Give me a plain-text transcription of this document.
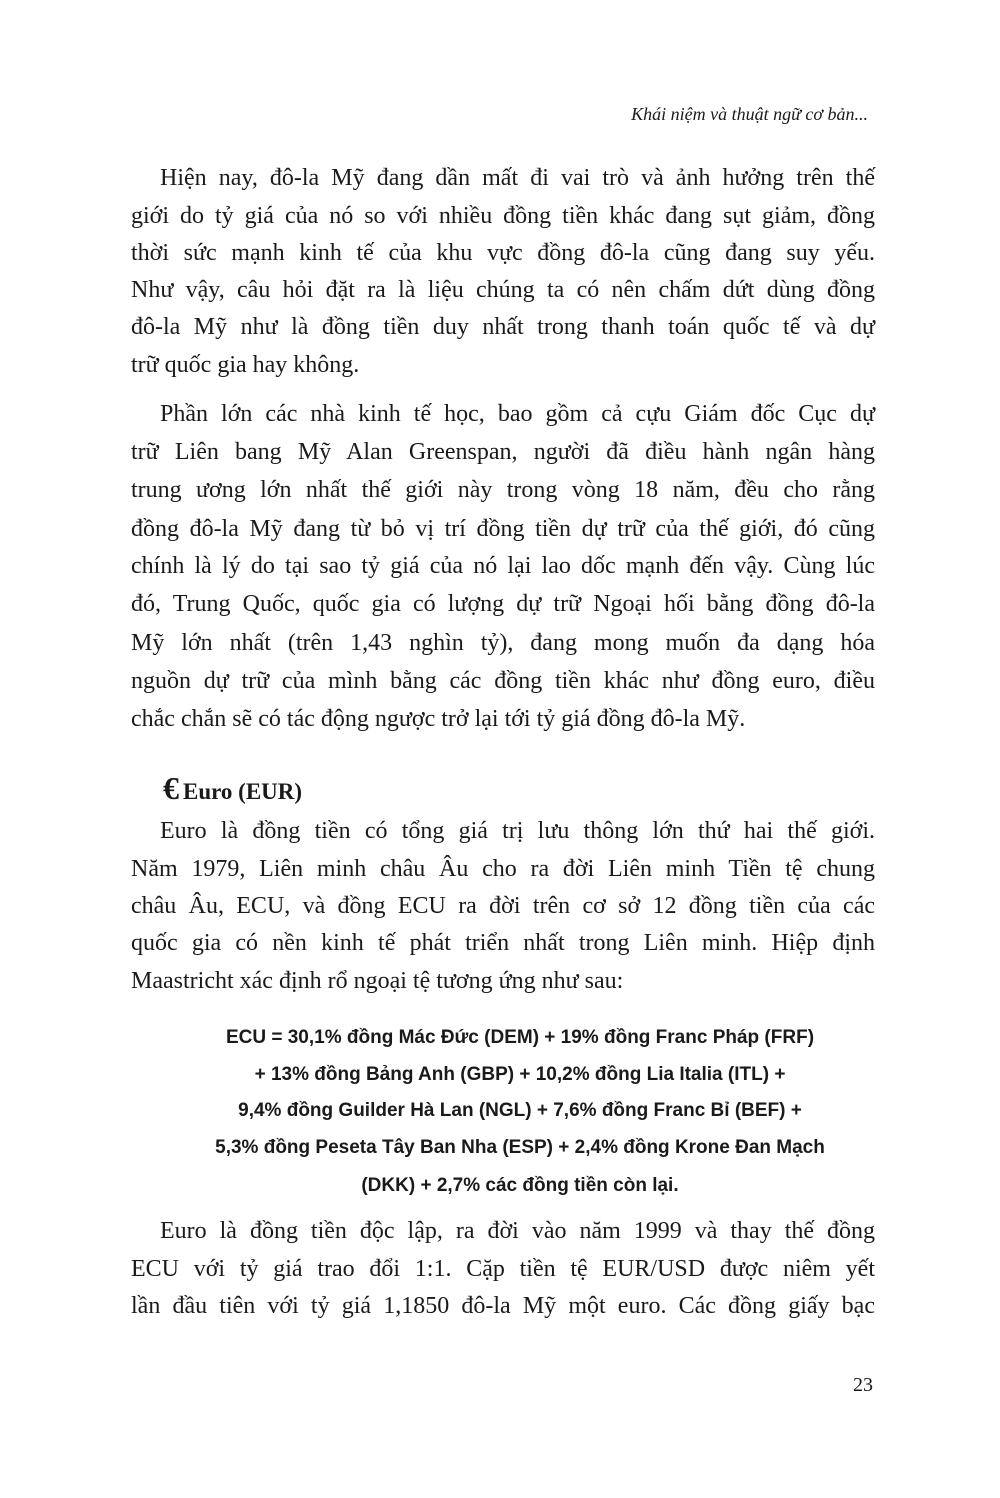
Khái niệm và thuật ngữ cơ bản...
Hiện nay, đô-la Mỹ đang dần mất đi vai trò và ảnh hưởng trên thế
giới do tỷ giá của nó so với nhiều đồng tiền khác đang sụt giảm, đồng
thời sức mạnh kinh tế của khu vực đồng đô-la cũng đang suy yếu.
Như vậy, câu hỏi đặt ra là liệu chúng ta có nên chấm dứt dùng đồng
đô-la Mỹ như là đồng tiền duy nhất trong thanh toán quốc tế và dự
trữ quốc gia hay không.
Phần lớn các nhà kinh tế học, bao gồm cả cựu Giám đốc Cục dự
trữ Liên bang Mỹ Alan Greenspan, người đã điều hành ngân hàng
trung ương lớn nhất thế giới này trong vòng 18 năm, đều cho rằng
đồng đô-la Mỹ đang từ bỏ vị trí đồng tiền dự trữ của thế giới, đó cũng
chính là lý do tại sao tỷ giá của nó lại lao dốc mạnh đến vậy. Cùng lúc
đó, Trung Quốc, quốc gia có lượng dự trữ Ngoại hối bằng đồng đô-la
Mỹ lớn nhất (trên 1,43 nghìn tỷ), đang mong muốn đa dạng hóa
nguồn dự trữ của mình bằng các đồng tiền khác như đồng euro, điều
chắc chắn sẽ có tác động ngược trở lại tới tỷ giá đồng đô-la Mỹ.
Euro là đồng tiền có tổng giá trị lưu thông lớn thứ hai thế giới.
Năm 1979, Liên minh châu Âu cho ra đời Liên minh Tiền tệ chung
châu Âu, ECU, và đồng ECU ra đời trên cơ sở 12 đồng tiền của các
quốc gia có nền kinh tế phát triển nhất trong Liên minh. Hiệp định
Maastricht xác định rổ ngoại tệ tương ứng như sau:
Euro là đồng tiền độc lập, ra đời vào năm 1999 và thay thế đồng
ECU với tỷ giá trao đổi 1:1. Cặp tiền tệ EUR/USD được niêm yết
lần đầu tiên với tỷ giá 1,1850 đô-la Mỹ một euro. Các đồng giấy bạc
€ Euro (EUR)
ECU = 30,1% đồng Mác Đức (DEM) + 19% đồng Franc Pháp (FRF)
+ 13% đồng Bảng Anh (GBP) + 10,2% đồng Lia Italia (ITL) +
9,4% đồng Guilder Hà Lan (NGL) + 7,6% đồng Franc Bỉ (BEF) +
5,3% đồng Peseta Tây Ban Nha (ESP) + 2,4% đồng Krone Đan Mạch
(DKK) + 2,7% các đồng tiền còn lại.
23
